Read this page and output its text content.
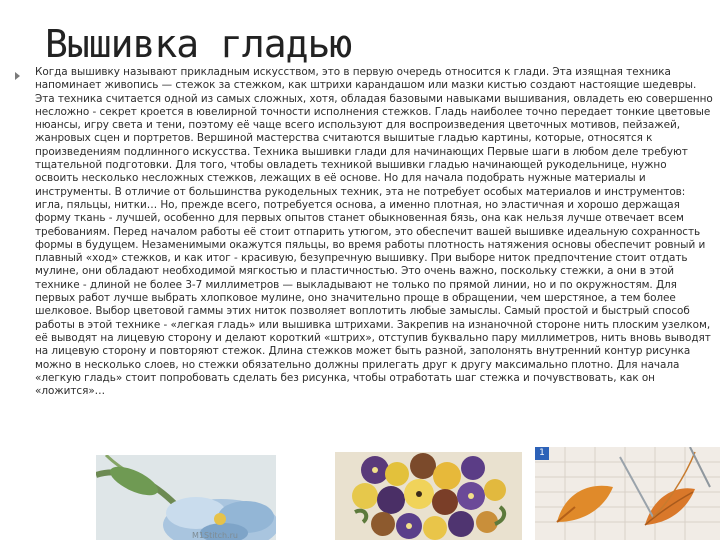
Вышивка гладью
Когда вышивку называют прикладным искусством, это в первую очередь относится к глади. Эта изящная техника напоминает живопись — стежок за стежком, как штрихи карандашом или мазки кистью создают настоящие шедевры. Эта техника считается одной из самых сложных, хотя, обладая базовыми навыками вышивания, овладеть ею совершенно несложно - секрет кроется в ювелирной точности исполнения стежков. Гладь наиболее точно передает тонкие цветовые нюансы, игру света и тени, поэтому её чаще всего используют для воспроизведения цветочных мотивов, пейзажей, жанровых сцен и портретов. Вершиной мастерства считаются вышитые гладью картины, которые, относятся к произведениям подлинного искусства. Техника вышивки глади для начинающих Первые шаги в любом деле требуют тщательной подготовки. Для того, чтобы овладеть техникой вышивки гладью начинающей рукодельнице, нужно освоить несколько несложных стежков, лежащих в её основе. Но для начала подобрать нужные материалы и инструменты. В отличие от большинства рукодельных техник, эта не потребует особых материалов и инструментов: игла, пяльцы, нитки… Но, прежде всего, потребуется основа, а именно плотная, но эластичная и хорошо держащая форму ткань - лучшей, особенно для первых опытов станет обыкновенная бязь, она как нельзя лучше отвечает всем требованиям. Перед началом работы её стоит отпарить утюгом, это обеспечит вашей вышивке идеальную сохранность формы в будущем. Незаменимыми окажутся пяльцы, во время работы плотность натяжения основы обеспечит ровный и плавный «ход» стежков, и как итог - красивую, безупречную вышивку. При выборе ниток предпочтение стоит отдать мулине, они обладают необходимой мягкостью и пластичностью. Это очень важно, поскольку стежки, а они в этой технике - длиной не более 3-7 миллиметров — выкладывают не только по прямой линии, но и по окружностям. Для первых работ лучше выбрать хлопковое мулине, оно значительно проще в обращении, чем шерстяное, а тем более шелковое. Выбор цветовой гаммы этих ниток позволяет воплотить любые замыслы. Самый простой и быстрый способ работы в этой технике - «легкая гладь» или вышивка штрихами. Закрепив на изнаночной стороне нить плоским узелком, её выводят на лицевую сторону и делают короткий «штрих», отступив буквально пару миллиметров, нить вновь выводят на лицевую сторону и повторяют стежок. Длина стежков может быть разной, заполонять внутренний контур рисунка можно в несколько слоев, но стежки обязательно должны прилегать друг к другу максимально плотно. Для начала «легкую гладь» стоит попробовать сделать без рисунка, чтобы отработать шаг стежка и почувствовать, как он «ложится»…
M1Stitch.ru
1
